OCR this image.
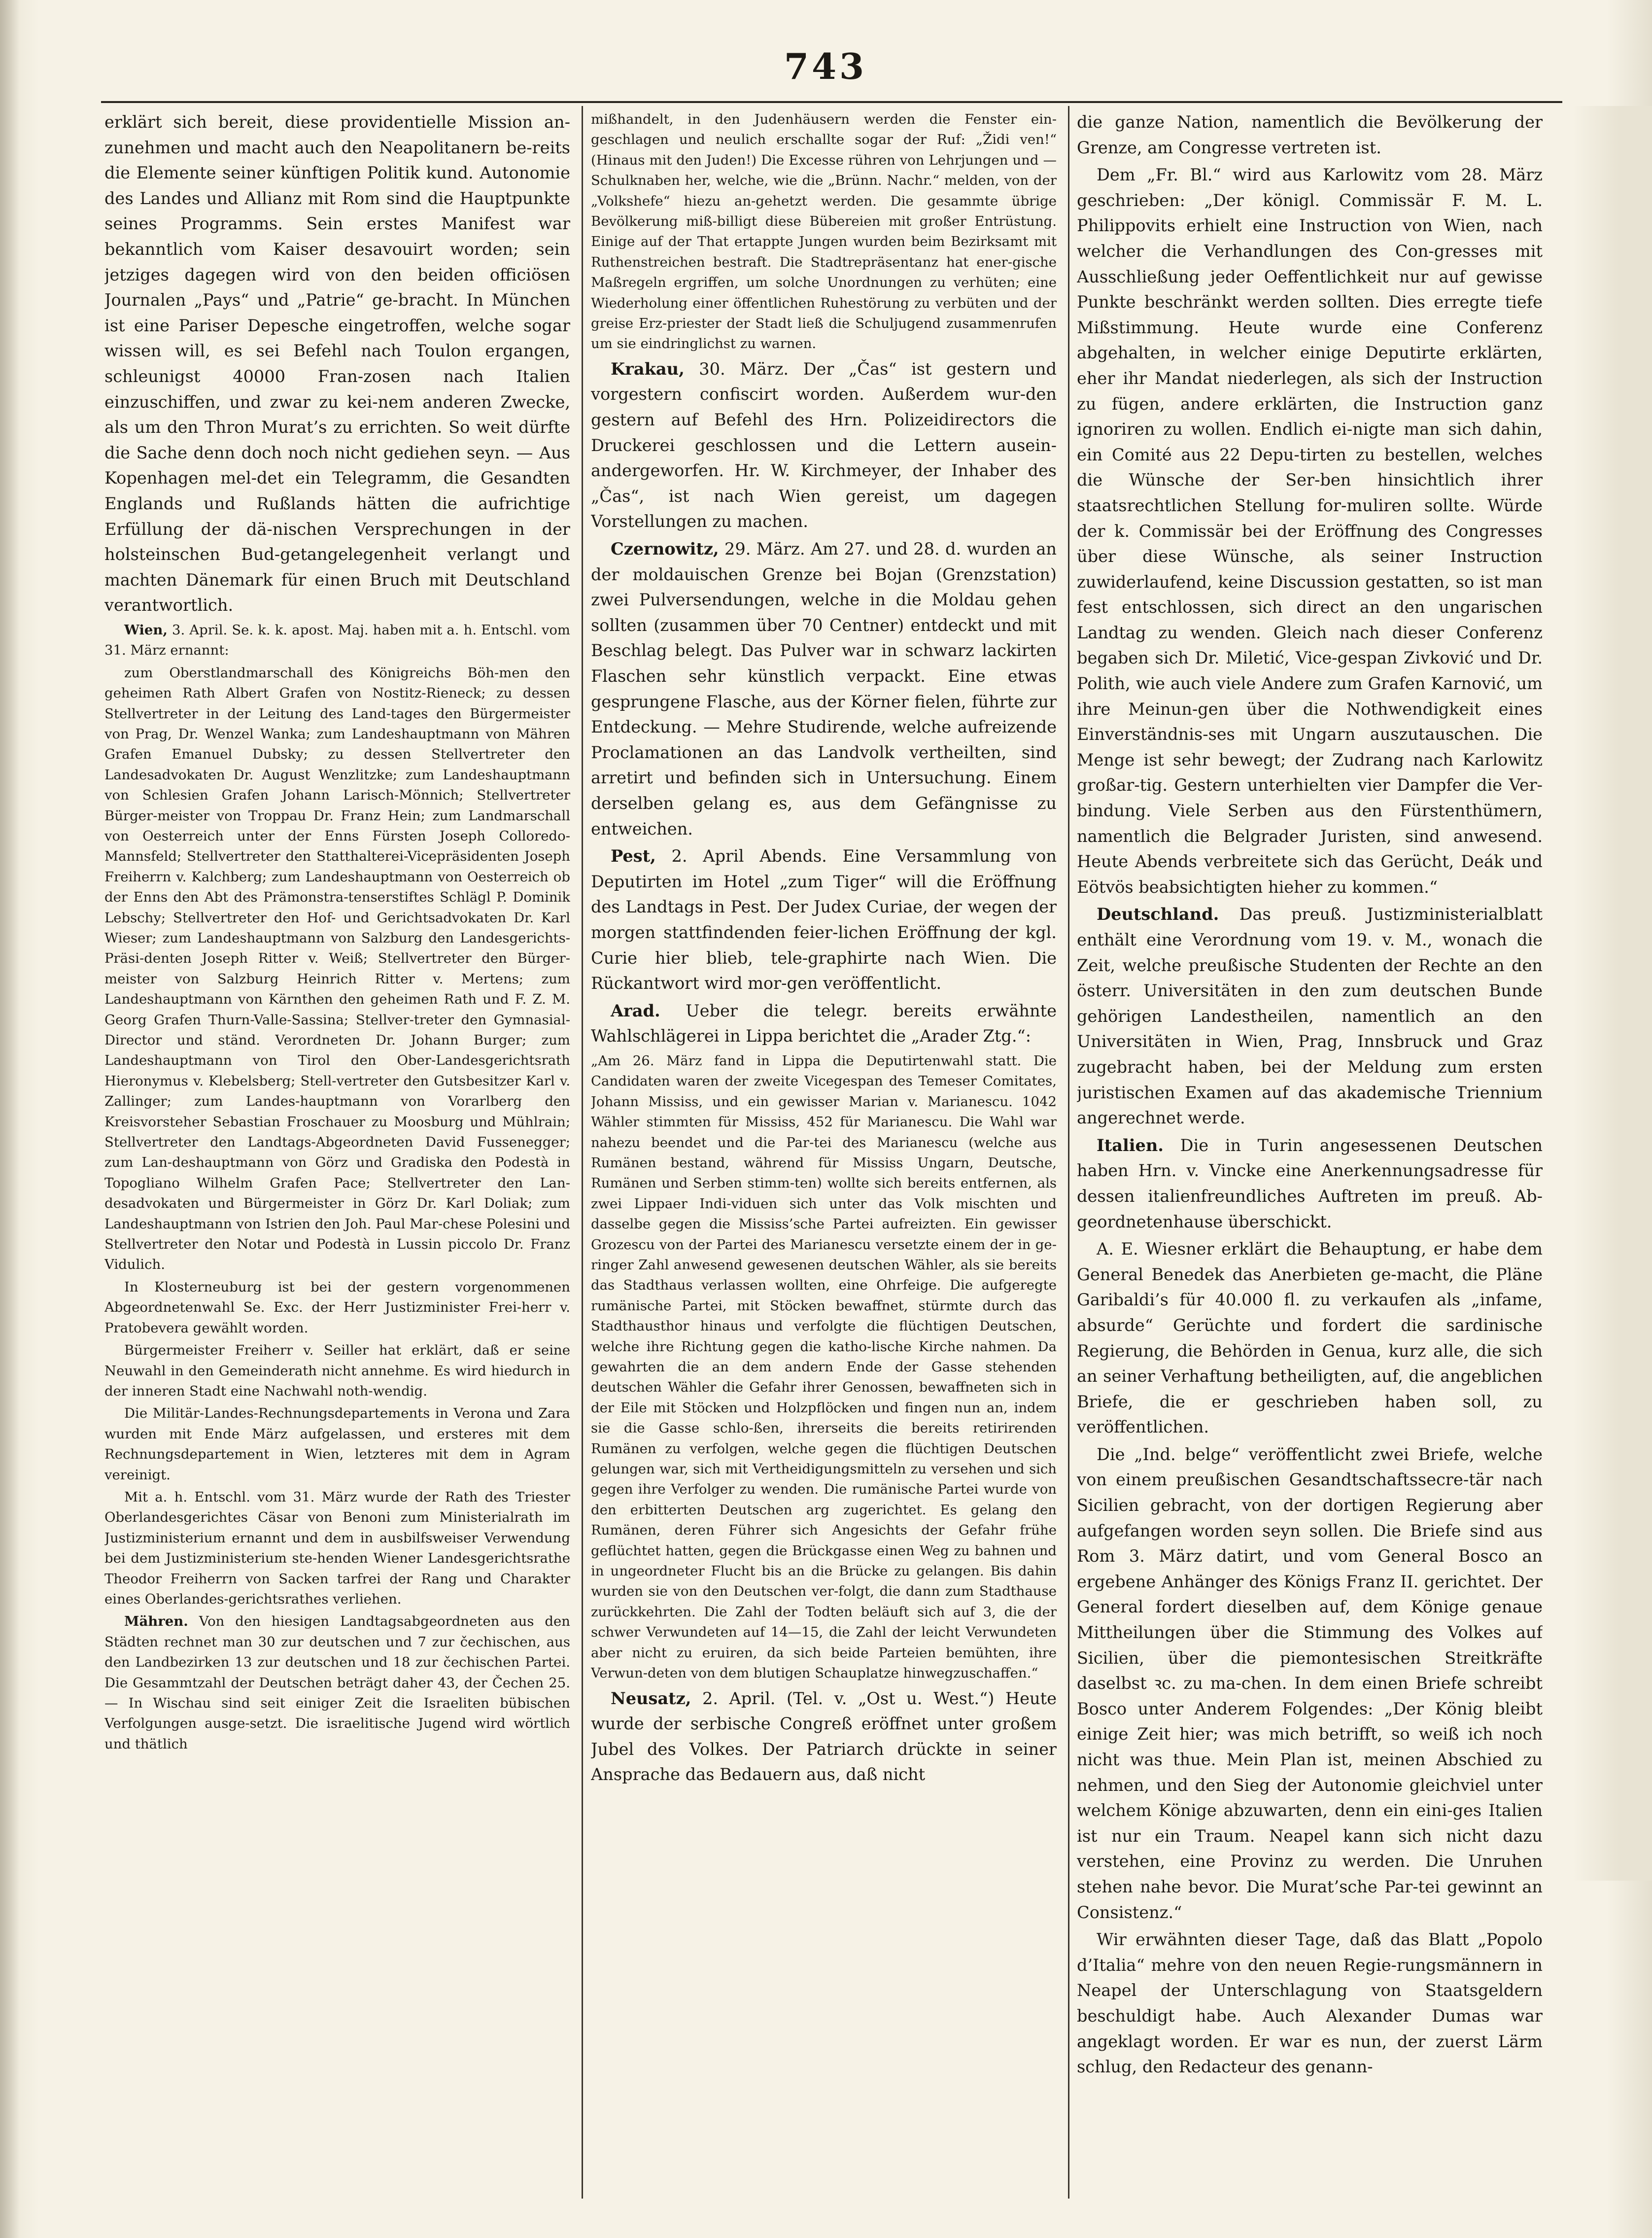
743

erklärt sich bereit, diese providentielle Mission an-zunehmen und macht auch den Neapolitanern be-reits die Elemente seiner künftigen Politik kund. Autonomie des Landes und Allianz mit Rom sind die Hauptpunkte seines Programms. Sein erstes Manifest war bekanntlich vom Kaiser desavouirt worden; sein jetziges dagegen wird von den beiden officiösen Journalen „Pays“ und „Patrie“ ge-bracht. In München ist eine Pariser Depesche eingetroffen, welche sogar wissen will, es sei Befehl nach Toulon ergangen, schleunigst 40000 Fran-zosen nach Italien einzuschiffen, und zwar zu kei-nem anderen Zwecke, als um den Thron Murat’s zu errichten. So weit dürfte die Sache denn doch noch nicht gediehen seyn. — Aus Kopenhagen mel-det ein Telegramm, die Gesandten Englands und Rußlands hätten die aufrichtige Erfüllung der dä-nischen Versprechungen in der holsteinschen Bud-getangelegenheit verlangt und machten Dänemark für einen Bruch mit Deutschland verantwortlich.

Wien, 3. April. Se. k. k. apost. Maj. haben mit a. h. Entschl. vom 31. März ernannt:

zum Oberstlandmarschall des Königreichs Böh-men den geheimen Rath Albert Grafen von Nostitz-Rieneck; zu dessen Stellvertreter in der Leitung des Land-tages den Bürgermeister von Prag, Dr. Wenzel Wanka; zum Landeshauptmann von Mähren Grafen Emanuel Dubsky; zu dessen Stellvertreter den Landesadvokaten Dr. August Wenzlitzke; zum Landeshauptmann von Schlesien Grafen Johann Larisch-Mönnich; Stellvertreter Bürger-meister von Troppau Dr. Franz Hein; zum Landmarschall von Oesterreich unter der Enns Fürsten Joseph Colloredo-Mannsfeld; Stellvertreter den Statthalterei-Vicepräsidenten Joseph Freiherrn v. Kalchberg; zum Landeshauptmann von Oesterreich ob der Enns den Abt des Prämonstra-tenserstiftes Schlägl P. Dominik Lebschy; Stellvertreter den Hof- und Gerichtsadvokaten Dr. Karl Wieser; zum Landeshauptmann von Salzburg den Landesgerichts-Präsi-denten Joseph Ritter v. Weiß; Stellvertreter den Bürger-meister von Salzburg Heinrich Ritter v. Mertens; zum Landeshauptmann von Kärnthen den geheimen Rath und F. Z. M. Georg Grafen Thurn-Valle-Sassina; Stellver-treter den Gymnasial-Director und ständ. Verordneten Dr. Johann Burger; zum Landeshauptmann von Tirol den Ober-Landesgerichtsrath Hieronymus v. Klebelsberg; Stell-vertreter den Gutsbesitzer Karl v. Zallinger; zum Landes-hauptmann von Vorarlberg den Kreisvorsteher Sebastian Froschauer zu Moosburg und Mühlrain; Stellvertreter den Landtags-Abgeordneten David Fussenegger; zum Lan-deshauptmann von Görz und Gradiska den Podestà in Topogliano Wilhelm Grafen Pace; Stellvertreter den Lan-desadvokaten und Bürgermeister in Görz Dr. Karl Doliak; zum Landeshauptmann von Istrien den Joh. Paul Mar-chese Polesini und Stellvertreter den Notar und Podestà in Lussin piccolo Dr. Franz Vidulich.

In Klosterneuburg ist bei der gestern vorgenommenen Abgeordnetenwahl Se. Exc. der Herr Justizminister Frei-herr v. Pratobevera gewählt worden.

Bürgermeister Freiherr v. Seiller hat erklärt, daß er seine Neuwahl in den Gemeinderath nicht annehme. Es wird hiedurch in der inneren Stadt eine Nachwahl noth-wendig.

Die Militär-Landes-Rechnungsdepartements in Verona und Zara wurden mit Ende März aufgelassen, und ersteres mit dem Rechnungsdepartement in Wien, letzteres mit dem in Agram vereinigt.

Mit a. h. Entschl. vom 31. März wurde der Rath des Triester Oberlandesgerichtes Cäsar von Benoni zum Ministerialrath im Justizministerium ernannt und dem in ausbilfsweiser Verwendung bei dem Justizministerium ste-henden Wiener Landesgerichtsrathe Theodor Freiherrn von Sacken tarfrei der Rang und Charakter eines Oberlandes-gerichtsrathes verliehen.

Mähren. Von den hiesigen Landtagsabgeordneten aus den Städten rechnet man 30 zur deutschen und 7 zur čechischen, aus den Landbezirken 13 zur deutschen und 18 zur čechischen Partei. Die Gesammtzahl der Deutschen beträgt daher 43, der Čechen 25. — In Wischau sind seit einiger Zeit die Israeliten bübischen Verfolgungen ausge-setzt. Die israelitische Jugend wird wörtlich und thätlich

mißhandelt, in den Judenhäusern werden die Fenster ein-geschlagen und neulich erschallte sogar der Ruf: „Židi ven!“ (Hinaus mit den Juden!) Die Excesse rühren von Lehrjungen und — Schulknaben her, welche, wie die „Brünn. Nachr.“ melden, von der „Volkshefe“ hiezu an-gehetzt werden. Die gesammte übrige Bevölkerung miß-billigt diese Bübereien mit großer Entrüstung. Einige auf der That ertappte Jungen wurden beim Bezirksamt mit Ruthenstreichen bestraft. Die Stadtrepräsentanz hat ener-gische Maßregeln ergriffen, um solche Unordnungen zu verhüten; eine Wiederholung einer öffentlichen Ruhestörung zu verbüten und der greise Erz-priester der Stadt ließ die Schuljugend zusammenrufen um sie eindringlichst zu warnen.

Krakau, 30. März. Der „Čas“ ist gestern und vorgestern confiscirt worden. Außerdem wur-den gestern auf Befehl des Hrn. Polizeidirectors die Druckerei geschlossen und die Lettern ausein-andergeworfen. Hr. W. Kirchmeyer, der Inhaber des „Čas“, ist nach Wien gereist, um dagegen Vorstellungen zu machen.

Czernowitz, 29. März. Am 27. und 28. d. wurden an der moldauischen Grenze bei Bojan (Grenzstation) zwei Pulversendungen, welche in die Moldau gehen sollten (zusammen über 70 Centner) entdeckt und mit Beschlag belegt. Das Pulver war in schwarz lackirten Flaschen sehr künstlich verpackt. Eine etwas gesprungene Flasche, aus der Körner fielen, führte zur Entdeckung. — Mehre Studirende, welche aufreizende Proclamationen an das Landvolk vertheilten, sind arretirt und befinden sich in Untersuchung. Einem derselben gelang es, aus dem Gefängnisse zu entweichen.

Pest, 2. April Abends. Eine Versammlung von Deputirten im Hotel „zum Tiger“ will die Eröffnung des Landtags in Pest. Der Judex Curiae, der wegen der morgen stattfindenden feier-lichen Eröffnung der kgl. Curie hier blieb, tele-graphirte nach Wien. Die Rückantwort wird mor-gen veröffentlicht.

Arad. Ueber die telegr. bereits erwähnte Wahlschlägerei in Lippa berichtet die „Arader Ztg.“:

„Am 26. März fand in Lippa die Deputirtenwahl statt. Die Candidaten waren der zweite Vicegespan des Temeser Comitates, Johann Mississ, und ein gewisser Marian v. Marianescu. 1042 Wähler stimmten für Mississ, 452 für Marianescu. Die Wahl war nahezu beendet und die Par-tei des Marianescu (welche aus Rumänen bestand, während für Mississ Ungarn, Deutsche, Rumänen und Serben stimm-ten) wollte sich bereits entfernen, als zwei Lippaer Indi-viduen sich unter das Volk mischten und dasselbe gegen die Mississ’sche Partei aufreizten. Ein gewisser Grozescu von der Partei des Marianescu versetzte einem der in ge-ringer Zahl anwesend gewesenen deutschen Wähler, als sie bereits das Stadthaus verlassen wollten, eine Ohrfeige. Die aufgeregte rumänische Partei, mit Stöcken bewaffnet, stürmte durch das Stadthausthor hinaus und verfolgte die flüchtigen Deutschen, welche ihre Richtung gegen die katho-lische Kirche nahmen. Da gewahrten die an dem andern Ende der Gasse stehenden deutschen Wähler die Gefahr ihrer Genossen, bewaffneten sich in der Eile mit Stöcken und Holzpflöcken und fingen nun an, indem sie die Gasse schlo-ßen, ihrerseits die bereits retirirenden Rumänen zu verfolgen, welche gegen die flüchtigen Deutschen gelungen war, sich mit Vertheidigungsmitteln zu versehen und sich gegen ihre Verfolger zu wenden. Die rumänische Partei wurde von den erbitterten Deutschen arg zugerichtet. Es gelang den Rumänen, deren Führer sich Angesichts der Gefahr frühe geflüchtet hatten, gegen die Brückgasse einen Weg zu bahnen und in ungeordneter Flucht bis an die Brücke zu gelangen. Bis dahin wurden sie von den Deutschen ver-folgt, die dann zum Stadthause zurückkehrten. Die Zahl der Todten beläuft sich auf 3, die der schwer Verwundeten auf 14—15, die Zahl der leicht Verwundeten aber nicht zu eruiren, da sich beide Parteien bemühten, ihre Verwun-deten von dem blutigen Schauplatze hinwegzuschaffen.“

Neusatz, 2. April. (Tel. v. „Ost u. West.“) Heute wurde der serbische Congreß eröffnet unter großem Jubel des Volkes. Der Patriarch drückte in seiner Ansprache das Bedauern aus, daß nicht

die ganze Nation, namentlich die Bevölkerung der Grenze, am Congresse vertreten ist.

Dem „Fr. Bl.“ wird aus Karlowitz vom 28. März geschrieben: „Der königl. Commissär F. M. L. Philippovits erhielt eine Instruction von Wien, nach welcher die Verhandlungen des Con-gresses mit Ausschließung jeder Oeffentlichkeit nur auf gewisse Punkte beschränkt werden sollten. Dies erregte tiefe Mißstimmung. Heute wurde eine Conferenz abgehalten, in welcher einige Deputirte erklärten, eher ihr Mandat niederlegen, als sich der Instruction zu fügen, andere erklärten, die Instruction ganz ignoriren zu wollen. Endlich ei-nigte man sich dahin, ein Comité aus 22 Depu-tirten zu bestellen, welches die Wünsche der Ser-ben hinsichtlich ihrer staatsrechtlichen Stellung for-muliren sollte. Würde der k. Commissär bei der Eröffnung des Congresses über diese Wünsche, als seiner Instruction zuwiderlaufend, keine Discussion gestatten, so ist man fest entschlossen, sich direct an den ungarischen Landtag zu wenden. Gleich nach dieser Conferenz begaben sich Dr. Miletić, Vice-gespan Zivković und Dr. Polith, wie auch viele Andere zum Grafen Karnović, um ihre Meinun-gen über die Nothwendigkeit eines Einverständnis-ses mit Ungarn auszutauschen. Die Menge ist sehr bewegt; der Zudrang nach Karlowitz großar-tig. Gestern unterhielten vier Dampfer die Ver-bindung. Viele Serben aus den Fürstenthümern, namentlich die Belgrader Juristen, sind anwesend. Heute Abends verbreitete sich das Gerücht, Deák und Eötvös beabsichtigten hieher zu kommen.“

Deutschland. Das preuß. Justizministerialblatt enthält eine Verordnung vom 19. v. M., wonach die Zeit, welche preußische Studenten der Rechte an den österr. Universitäten in den zum deutschen Bunde gehörigen Landestheilen, namentlich an den Universitäten in Wien, Prag, Innsbruck und Graz zugebracht haben, bei der Meldung zum ersten juristischen Examen auf das akademische Triennium angerechnet werde.

Italien. Die in Turin angesessenen Deutschen haben Hrn. v. Vincke eine Anerkennungsadresse für dessen italienfreundliches Auftreten im preuß. Ab-geordnetenhause überschickt.

A. E. Wiesner erklärt die Behauptung, er habe dem General Benedek das Anerbieten ge-macht, die Pläne Garibaldi’s für 40.000 fl. zu verkaufen als „infame, absurde“ Gerüchte und fordert die sardinische Regierung, die Behörden in Genua, kurz alle, die sich an seiner Verhaftung betheiligten, auf, die angeblichen Briefe, die er geschrieben haben soll, zu veröffentlichen.

Die „Ind. belge“ veröffentlicht zwei Briefe, welche von einem preußischen Gesandtschaftssecre-tär nach Sicilien gebracht, von der dortigen Regierung aber aufgefangen worden seyn sollen. Die Briefe sind aus Rom 3. März datirt, und vom General Bosco an ergebene Anhänger des Königs Franz II. gerichtet. Der General fordert dieselben auf, dem Könige genaue Mittheilungen über die Stimmung des Volkes auf Sicilien, über die piemontesischen Streitkräfte daselbst ꝛc. zu ma-chen. In dem einen Briefe schreibt Bosco unter Anderem Folgendes: „Der König bleibt einige Zeit hier; was mich betrifft, so weiß ich noch nicht was thue. Mein Plan ist, meinen Abschied zu nehmen, und den Sieg der Autonomie gleichviel unter welchem Könige abzuwarten, denn ein eini-ges Italien ist nur ein Traum. Neapel kann sich nicht dazu verstehen, eine Provinz zu werden. Die Unruhen stehen nahe bevor. Die Murat’sche Par-tei gewinnt an Consistenz.“

Wir erwähnten dieser Tage, daß das Blatt „Popolo d’Italia“ mehre von den neuen Regie-rungsmännern in Neapel der Unterschlagung von Staatsgeldern beschuldigt habe. Auch Alexander Dumas war angeklagt worden. Er war es nun, der zuerst Lärm schlug, den Redacteur des genann-
